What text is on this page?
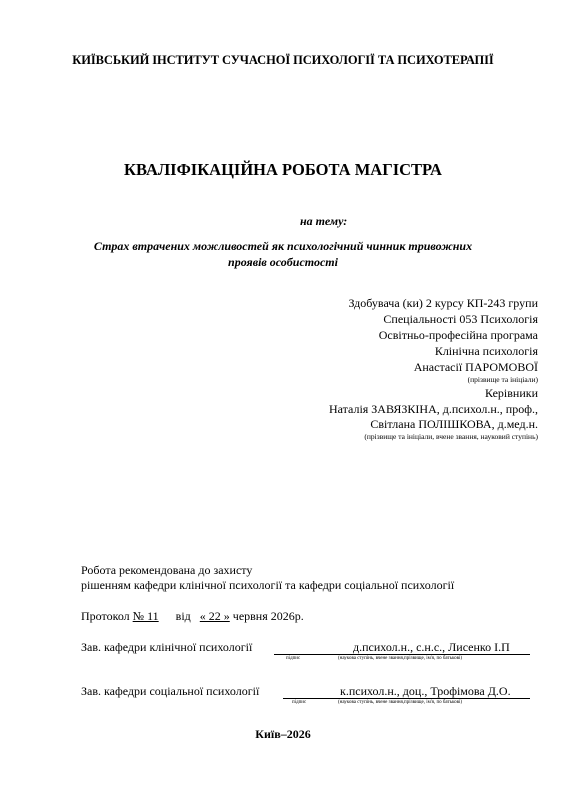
КИЇВСЬКИЙ ІНСТИТУТ СУЧАСНОЇ ПСИХОЛОГІЇ ТА ПСИХОТЕРАПІЇ
КВАЛІФІКАЦІЙНА РОБОТА МАГІСТРА
на тему:
Страх втрачених можливостей як психологічний чинник тривожних
проявів особистості
Здобувача (ки) 2 курсу КП-243 групи
Спеціальності 053 Психологія
Освітньо-професійна програма
Клінічна психологія
Анастасії ПАРОМОВОЇ
(прізвище та ініціали)
Керівники
Наталія ЗАВЯЗКІНА, д.психол.н., проф.,
Світлана ПОЛІШКОВА, д.мед.н.
(прізвище та ініціали, вчене звання, науковий ступінь)
Робота рекомендована до захисту
рішенням кафедри клінічної психології та кафедри соціальної психології
Протокол № 11 від « 22 » червня 2026р.
Зав. кафедри клінічної психології	д.психол.н., с.н.с., Лисенко І.П
підпис	(наукова ступінь, вчене звання,прізвище, ім'я, по батькові)
Зав. кафедри соціальної психології	к.психол.н., доц., Трофімова Д.О.
підпис	(наукова ступінь, вчене звання,прізвище, ім'я, по батькові)
Київ–2026
